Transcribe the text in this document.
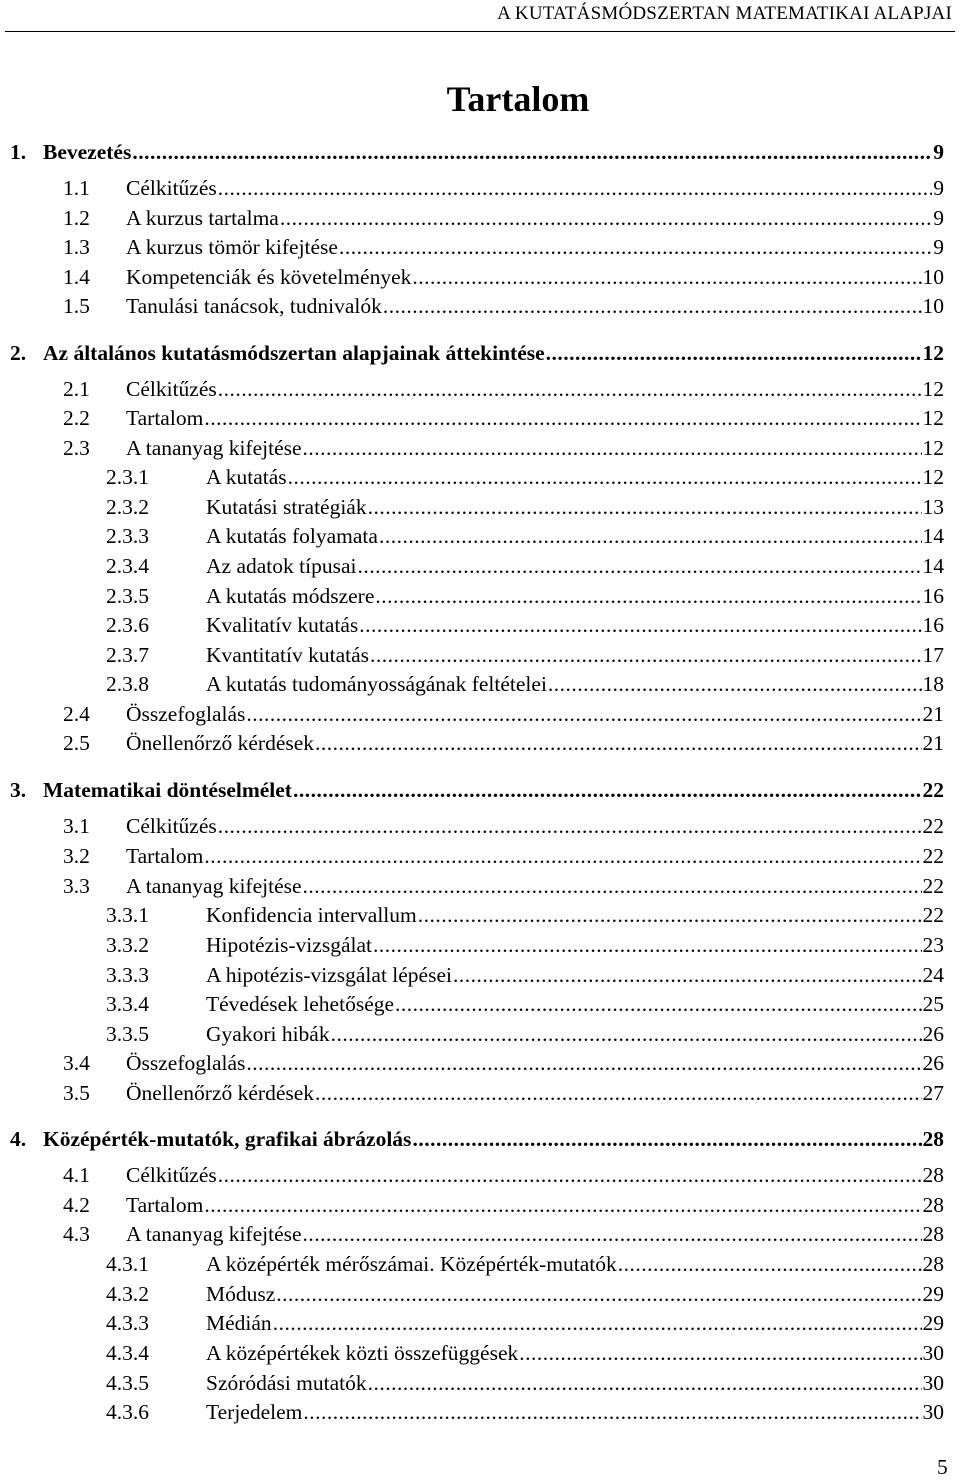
A KUTATÁSMÓDSZERTAN MATEMATIKAI ALAPJAI
Tartalom
1. Bevezetés .....	9
1.1	Célkitűzés .....	9
1.2	A kurzus tartalma .....	9
1.3	A kurzus tömör kifejtése .....	9
1.4	Kompetenciák és követelmények .....	10
1.5	Tanulási tanácsok, tudnivalók .....	10
2. Az általános kutatásmódszertan alapjainak áttekintése .....	12
2.1	Célkitűzés .....	12
2.2	Tartalom .....	12
2.3	A tananyag kifejtése .....	12
2.3.1	A kutatás .....	12
2.3.2	Kutatási stratégiák .....	13
2.3.3	A kutatás folyamata .....	14
2.3.4	Az adatok típusai .....	14
2.3.5	A kutatás módszere .....	16
2.3.6	Kvalitatív kutatás .....	16
2.3.7	Kvantitatív kutatás .....	17
2.3.8	A kutatás tudományosságának feltételei .....	18
2.4	Összefoglalás .....	21
2.5	Önellenőrző kérdések .....	21
3. Matematikai döntéselmélet .....	22
3.1	Célkitűzés .....	22
3.2	Tartalom .....	22
3.3	A tananyag kifejtése .....	22
3.3.1	Konfidencia intervallum .....	22
3.3.2	Hipotézis-vizsgálat .....	23
3.3.3	A hipotézis-vizsgálat lépései .....	24
3.3.4	Tévedések lehetősége .....	25
3.3.5	Gyakori hibák .....	26
3.4	Összefoglalás .....	26
3.5	Önellenőrző kérdések .....	27
4. Középérték-mutatók, grafikai ábrázolás .....	28
4.1	Célkitűzés .....	28
4.2	Tartalom .....	28
4.3	A tananyag kifejtése .....	28
4.3.1	A középérték mérőszámai. Középérték-mutatók .....	28
4.3.2	Módusz .....	29
4.3.3	Médián .....	29
4.3.4	A középértékek közti összefüggések .....	30
4.3.5	Szóródási mutatók .....	30
4.3.6	Terjedelem .....	30
5
